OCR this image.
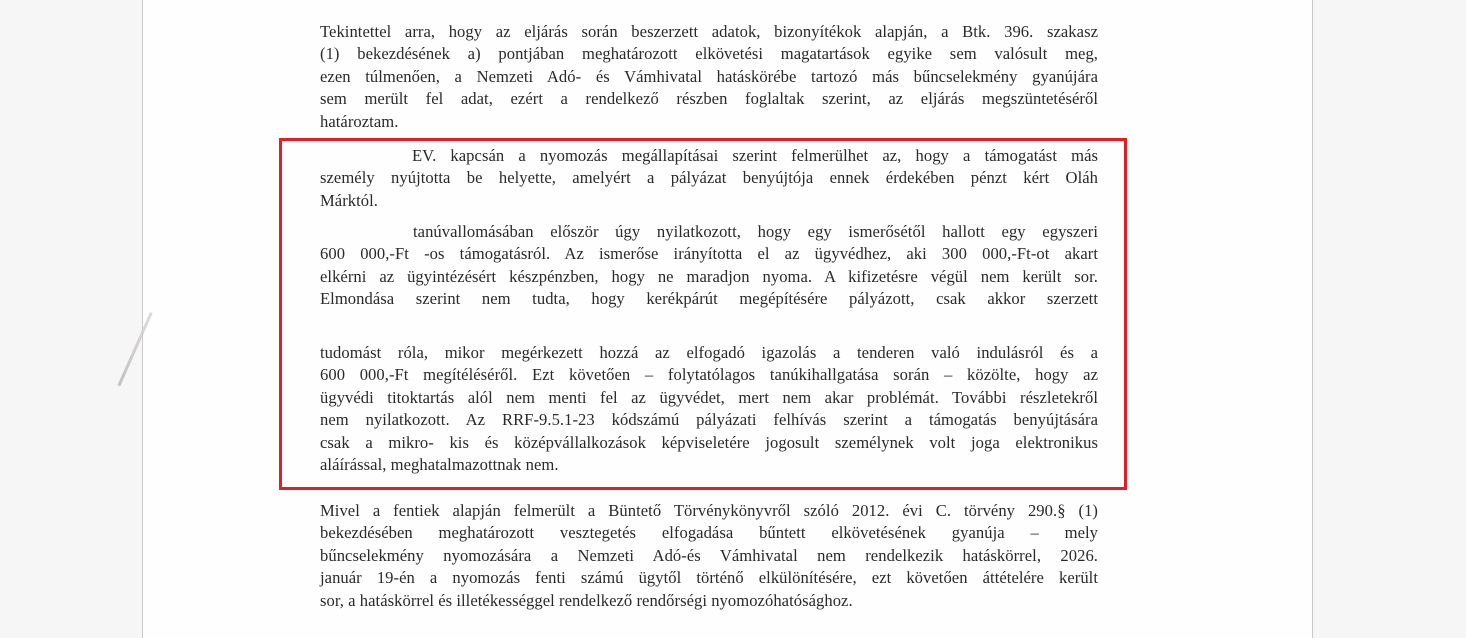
Tekintettel arra, hogy az eljárás során beszerzett adatok, bizonyítékok alapján, a Btk. 396. szakasz
(1) bekezdésének a) pontjában meghatározott elkövetési magatartások egyike sem valósult meg,
ezen túlmenően, a Nemzeti Adó- és Vámhivatal hatáskörébe tartozó más bűncselekmény gyanújára
sem merült fel adat, ezért a rendelkező részben foglaltak szerint, az eljárás megszüntetéséről
határoztam.
EV. kapcsán a nyomozás megállapításai szerint felmerülhet az, hogy a támogatást más
személy nyújtotta be helyette, amelyért a pályázat benyújtója ennek érdekében pénzt kért Oláh
Márktól.
tanúvallomásában először úgy nyilatkozott, hogy egy ismerősétől hallott egy egyszeri
600 000,-Ft -os támogatásról. Az ismerőse irányította el az ügyvédhez, aki 300 000,-Ft-ot akart
elkérni az ügyintézésért készpénzben, hogy ne maradjon nyoma. A kifizetésre végül nem került sor.
Elmondása szerint nem tudta, hogy kerékpárút megépítésére pályázott, csak akkor szerzett
tudomást róla, mikor megérkezett hozzá az elfogadó igazolás a tenderen való indulásról és a
600 000,-Ft megítéléséről. Ezt követően – folytatólagos tanúkihallgatása során – közölte, hogy az
ügyvédi titoktartás alól nem menti fel az ügyvédet, mert nem akar problémát. További részletekről
nem nyilatkozott. Az RRF-9.5.1-23 kódszámú pályázati felhívás szerint a támogatás benyújtására
csak a mikro- kis és középvállalkozások képviseletére jogosult személynek volt joga elektronikus
aláírással, meghatalmazottnak nem.
Mivel a fentiek alapján felmerült a Büntető Törvénykönyvről szóló 2012. évi C. törvény 290.§ (1)
bekezdésében meghatározott vesztegetés elfogadása bűntett elkövetésének gyanúja – mely
bűncselekmény nyomozására a Nemzeti Adó-és Vámhivatal nem rendelkezik hatáskörrel, 2026.
január 19-én a nyomozás fenti számú ügytől történő elkülönítésére, ezt követően áttételére került
sor, a hatáskörrel és illetékességgel rendelkező rendőrségi nyomozóhatósághoz.
